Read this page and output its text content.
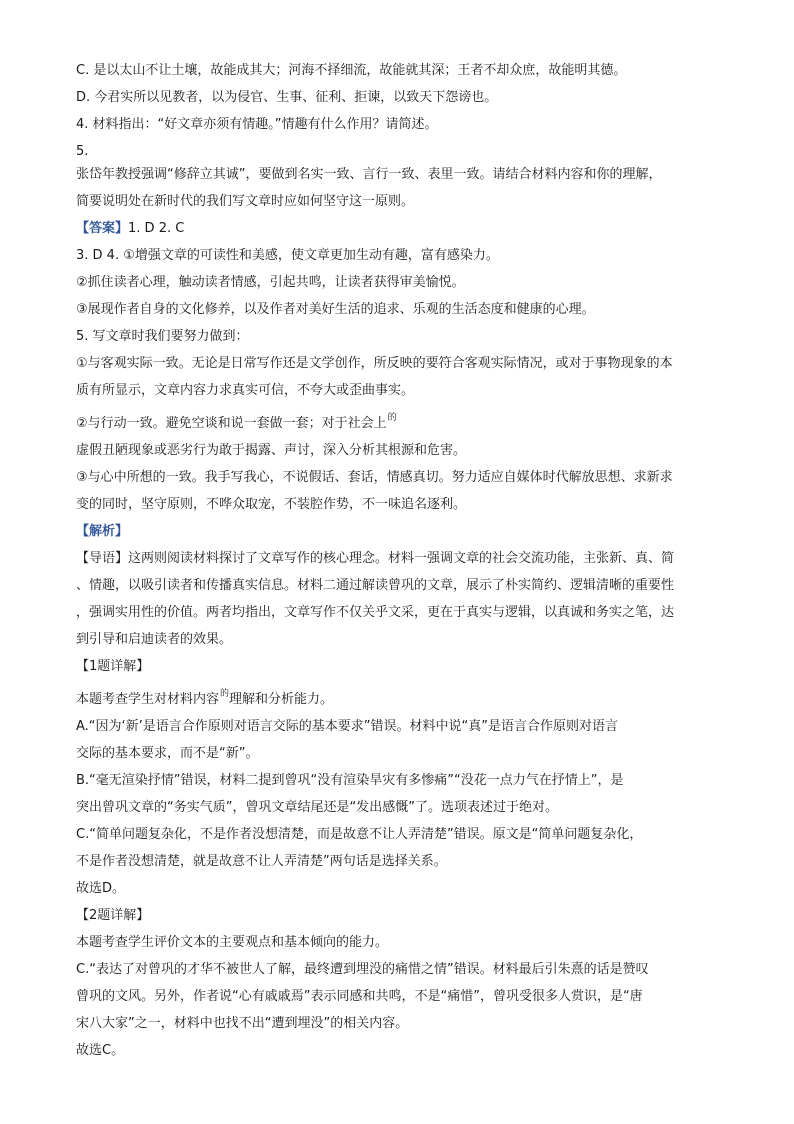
C. 是以太山不让土壤，故能成其大；河海不择细流，故能就其深；王者不却众庶，故能明其德。
D. 今君实所以见教者，以为侵官、生事、征利、拒谏，以致天下怨谤也。
4. 材料指出：“好文章亦须有情趣。”情趣有什么作用？请简述。
5.
张岱年教授强调“修辞立其诚”，要做到名实一致、言行一致、表里一致。请结合材料内容和你的理解，
简要说明处在新时代的我们写文章时应如何坚守这一原则。
【答案】1. D 2. C
3. D 4. ①增强文章的可读性和美感，使文章更加生动有趣，富有感染力。
②抓住读者心理，触动读者情感，引起共鸣，让读者获得审美愉悦。
③展现作者自身的文化修养，以及作者对美好生活的追求、乐观的生活态度和健康的心理。
5. 写文章时我们要努力做到：
①与客观实际一致。无论是日常写作还是文学创作，所反映的要符合客观实际情况，或对于事物现象的本
质有所显示，文章内容力求真实可信，不夸大或歪曲事实。
②与行动一致。避免空谈和说一套做一套；对于社会上$^的$
虚假丑陋现象或恶劣行为敢于揭露、声讨，深入分析其根源和危害。
③与心中所想的一致。我手写我心，不说假话、套话，情感真切。努力适应自媒体时代解放思想、求新求
变的同时，坚守原则，不哗众取宠，不装腔作势，不一味追名逐利。
【解析】
【导语】这两则阅读材料探讨了文章写作的核心理念。材料一强调文章的社会交流功能，主张新、真、简
、情趣，以吸引读者和传播真实信息。材料二通过解读曾巩的文章，展示了朴实简约、逻辑清晰的重要性
，强调实用性的价值。两者均指出，文章写作不仅关乎文采，更在于真实与逻辑，以真诚和务实之笔，达
到引导和启迪读者的效果。
【1题详解】
本题考查学生对材料内容$^的$理解和分析能力。
A.“因为‘新’是语言合作原则对语言交际的基本要求”错误。材料中说“真”是语言合作原则对语言
交际的基本要求，而不是“新”。
B.“毫无渲染抒情”错误，材料二提到曾巩“没有渲染旱灾有多惨痛”“没花一点力气在抒情上”，是
突出曾巩文章的“务实气质”，曾巩文章结尾还是“发出感慨”了。选项表述过于绝对。
C.“简单问题复杂化，不是作者没想清楚，而是故意不让人弄清楚”错误。原文是“简单问题复杂化，
不是作者没想清楚，就是故意不让人弄清楚”两句话是选择关系。
故选D。
【2题详解】
本题考查学生评价文本的主要观点和基本倾向的能力。
C.“表达了对曾巩的才华不被世人了解，最终遭到埋没的痛惜之情”错误。材料最后引朱熹的话是赞叹
曾巩的文风。另外，作者说“心有戚戚焉”表示同感和共鸣，不是“痛惜”，曾巩受很多人赏识，是“唐
宋八大家”之一，材料中也找不出“遭到埋没”的相关内容。
故选C。
